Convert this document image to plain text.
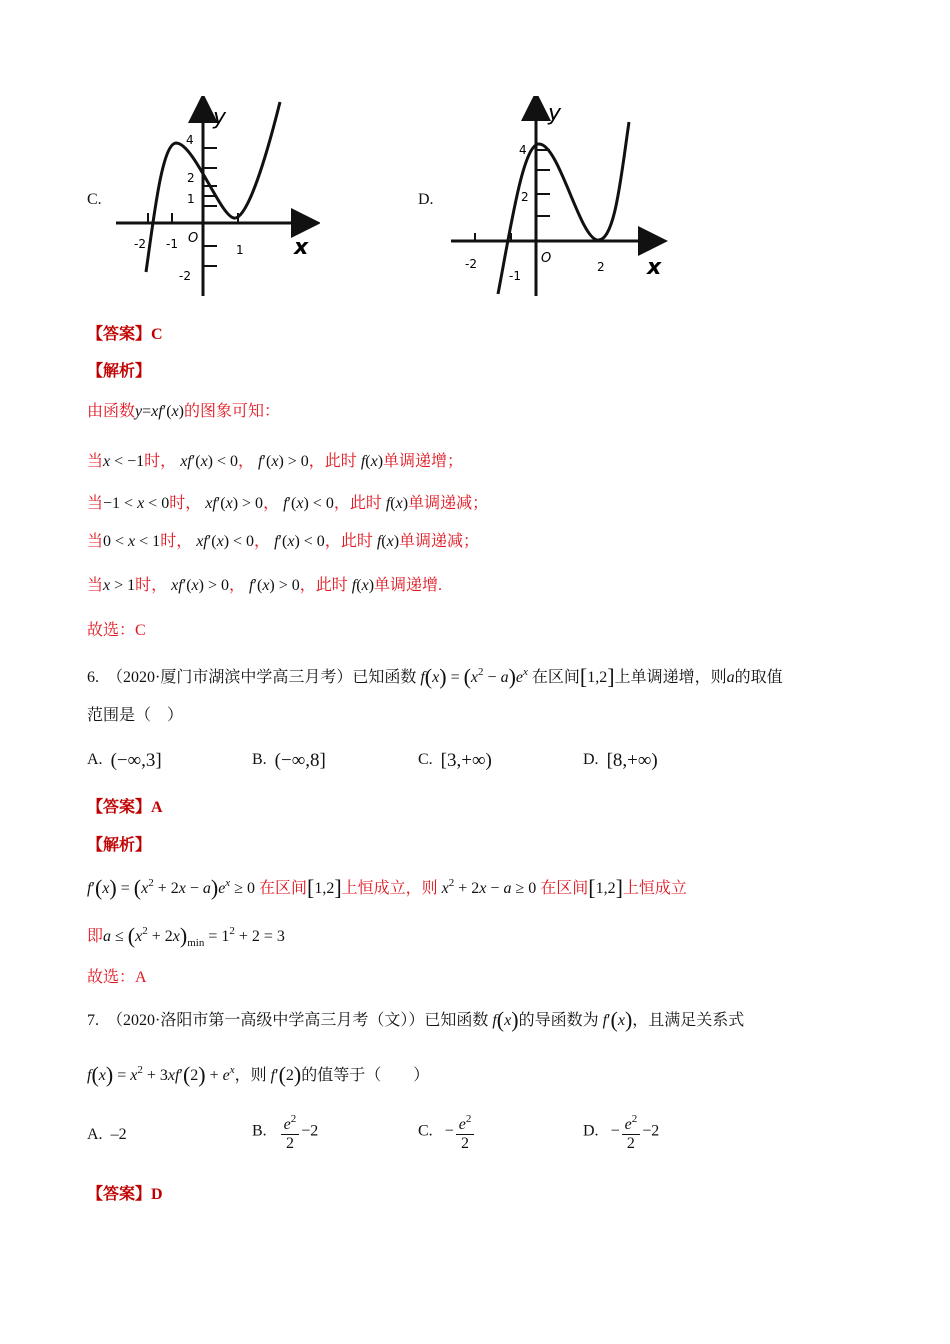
C.
y
x
4
2
1
-2
-2 -1	1
O
D.
y
x
4
2
-2
-1
2
O
【答案】C
【解析】
由函数y=xf′(x)的图象可知：
当x < −1时， xf′(x) < 0， f′(x) > 0，此时 f(x)单调递增；
当−1 < x < 0时， xf′(x) > 0， f′(x) < 0，此时 f(x)单调递减；
当0 < x < 1时， xf′(x) < 0， f′(x) < 0，此时 f(x)单调递减；
当x > 1时， xf′(x) > 0， f′(x) > 0，此时 f(x)单调递增.
故选：C
6. （2020·厦门市湖滨中学高三月考）已知函数 $f(x) = (x^2 - a)e^x$ 在区间[1,2]上单调递增，则a的取值
范围是（　）
A. (−∞,3]	B. (−∞,8]	C. [3,+∞)	D. [8,+∞)
【答案】A
【解析】
$f'(x) = (x^2 + 2x - a)e^x \ge 0$ 在区间[1,2]上恒成立，则 $x^2 + 2x - a \ge 0$ 在区间[1,2]上恒成立
即$a \le (x^2 + 2x)_{min} = 1^2 + 2 = 3$
故选：A
7. （2020·洛阳市第一高级中学高三月考（文））已知函数 f(x)的导函数为 f′(x)，且满足关系式
$f(x) = x^2 + 3xf'(2) + e^x$，则 f′(2)的值等于（　　）
A. –2	B. $\frac{e^2}{2} -2$	C. − $\frac{e^2}{2}$	D. − $\frac{e^2}{2} -2$
【答案】D
